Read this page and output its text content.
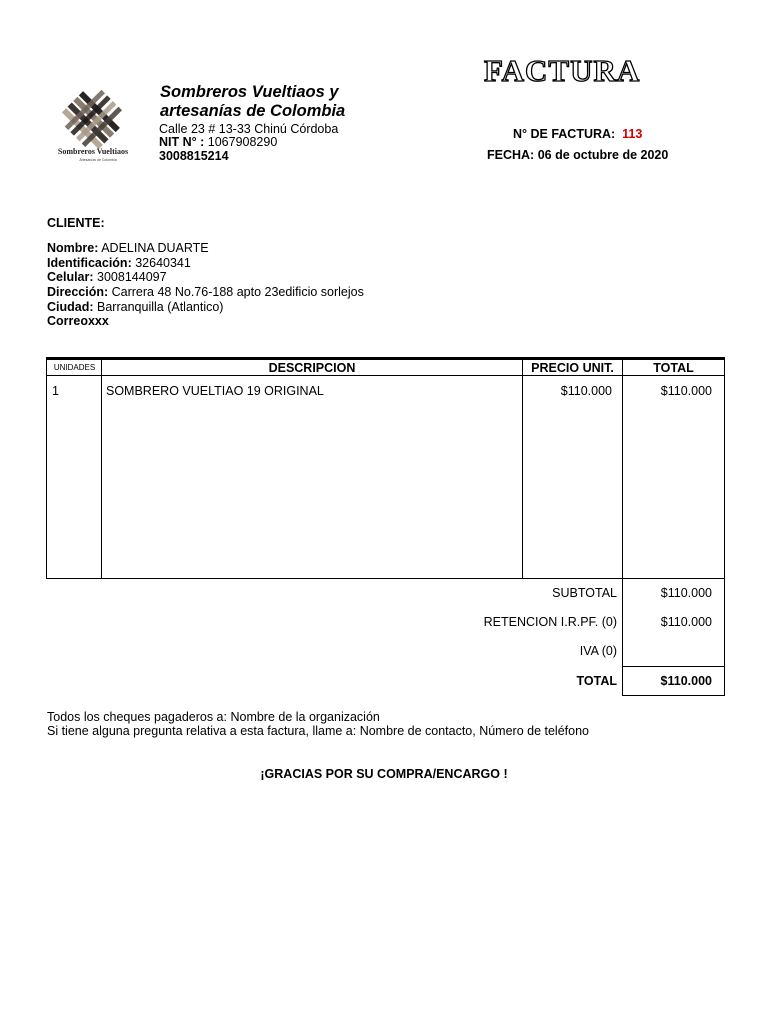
Sombreros Vueltiaos
Artesanías de Colombia
Sombreros Vueltiaos y
artesanías de Colombia
Calle 23 # 13-33 Chinú Córdoba
NIT N° : 1067908290
3008815214
FACTURA
N° DE FACTURA: 113
FECHA: 06 de octubre de 2020
CLIENTE:
Nombre: ADELINA DUARTE
Identificación: 32640341
Celular: 3008144097
Dirección: Carrera 48 No.76-188 apto 23edificio sorlejos
Ciudad: Barranquilla (Atlantico)
Correoxxx
UNIDADES	DESCRIPCION	PRECIO UNIT.	TOTAL
1	SOMBRERO VUELTIAO 19 ORIGINAL	$110.000	$110.000
SUBTOTAL	$110.000
RETENCION I.R.PF. (0)	$110.000
IVA (0)
TOTAL	$110.000
Todos los cheques pagaderos a: Nombre de la organización
Si tiene alguna pregunta relativa a esta factura, llame a: Nombre de contacto, Número de teléfono
¡GRACIAS POR SU COMPRA/ENCARGO !
